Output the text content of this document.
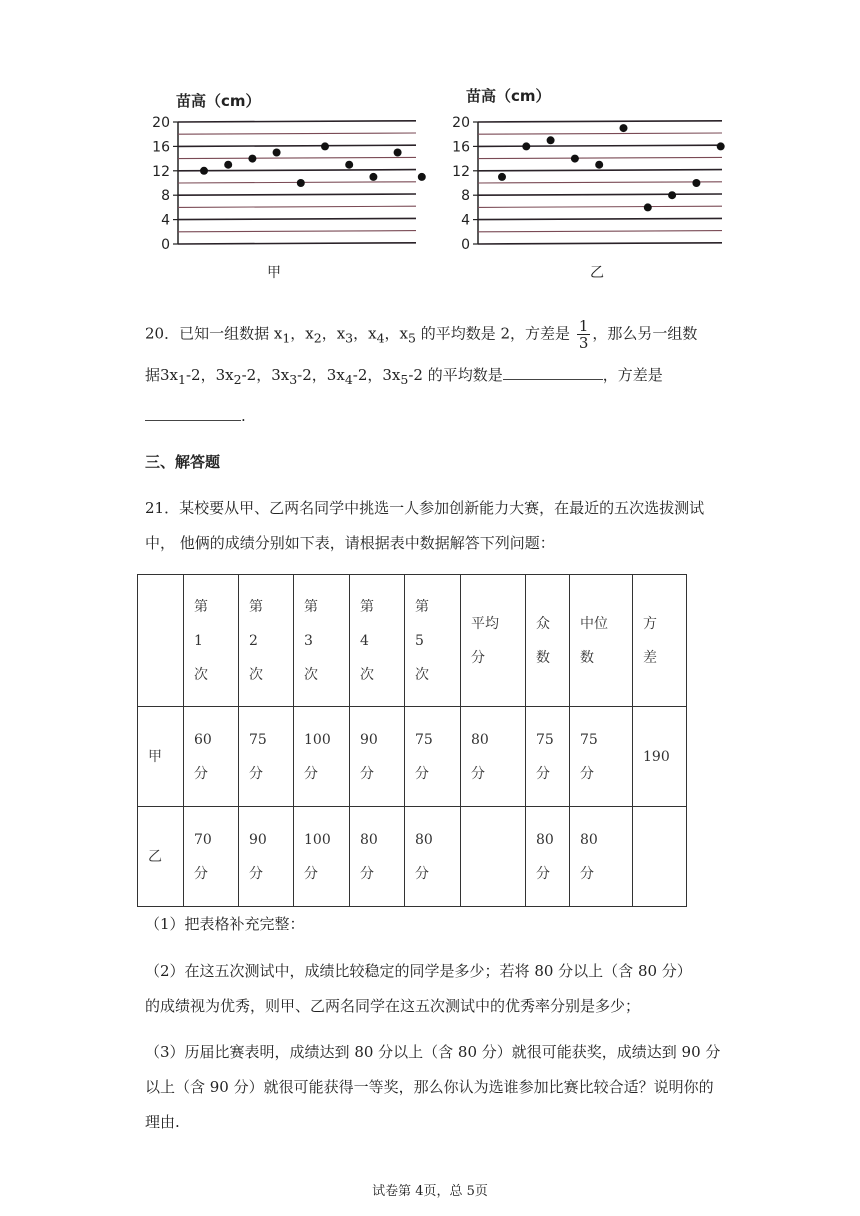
苗高（cm）
0
4
8
12
16
20
甲
苗高（cm）
0
4
8
12
16
20
乙
20．已知一组数据 $x_1$，$x_2$，$x_3$，$x_4$，$x_5$ 的平均数是 2，方差是 $\frac{1}{3}$ ，那么另一组数
据$3x_1-2$，$3x_2-2$，$3x_3-2$，$3x_4-2$，$3x_5-2$ 的平均数是	，方差是
.
三、解答题
21．某校要从甲、乙两名同学中挑选一人参加创新能力大赛，在最近的五次选拔测试
中， 他俩的成绩分别如下表，请根据表中数据解答下列问题：

	第
1
次	第
2
次	第
3
次	第
4
次	第
5
次	平均
分	众
数	中位
数	方
差

甲	60
分	75
分	100
分	90
分	75
分	80
分	75
分	75
分	190
乙	70
分	90
分	100
分	80
分	80
分		80
分	80
分	

（1）把表格补充完整：
（2）在这五次测试中，成绩比较稳定的同学是多少；若将 80 分以上（含 80 分）
的成绩视为优秀，则甲、乙两名同学在这五次测试中的优秀率分别是多少；
（3）历届比赛表明，成绩达到 80 分以上（含 80 分）就很可能获奖，成绩达到 90 分
以上（含 90 分）就很可能获得一等奖，那么你认为选谁参加比赛比较合适？说明你的
理由.
试卷第 4页，总 5页
